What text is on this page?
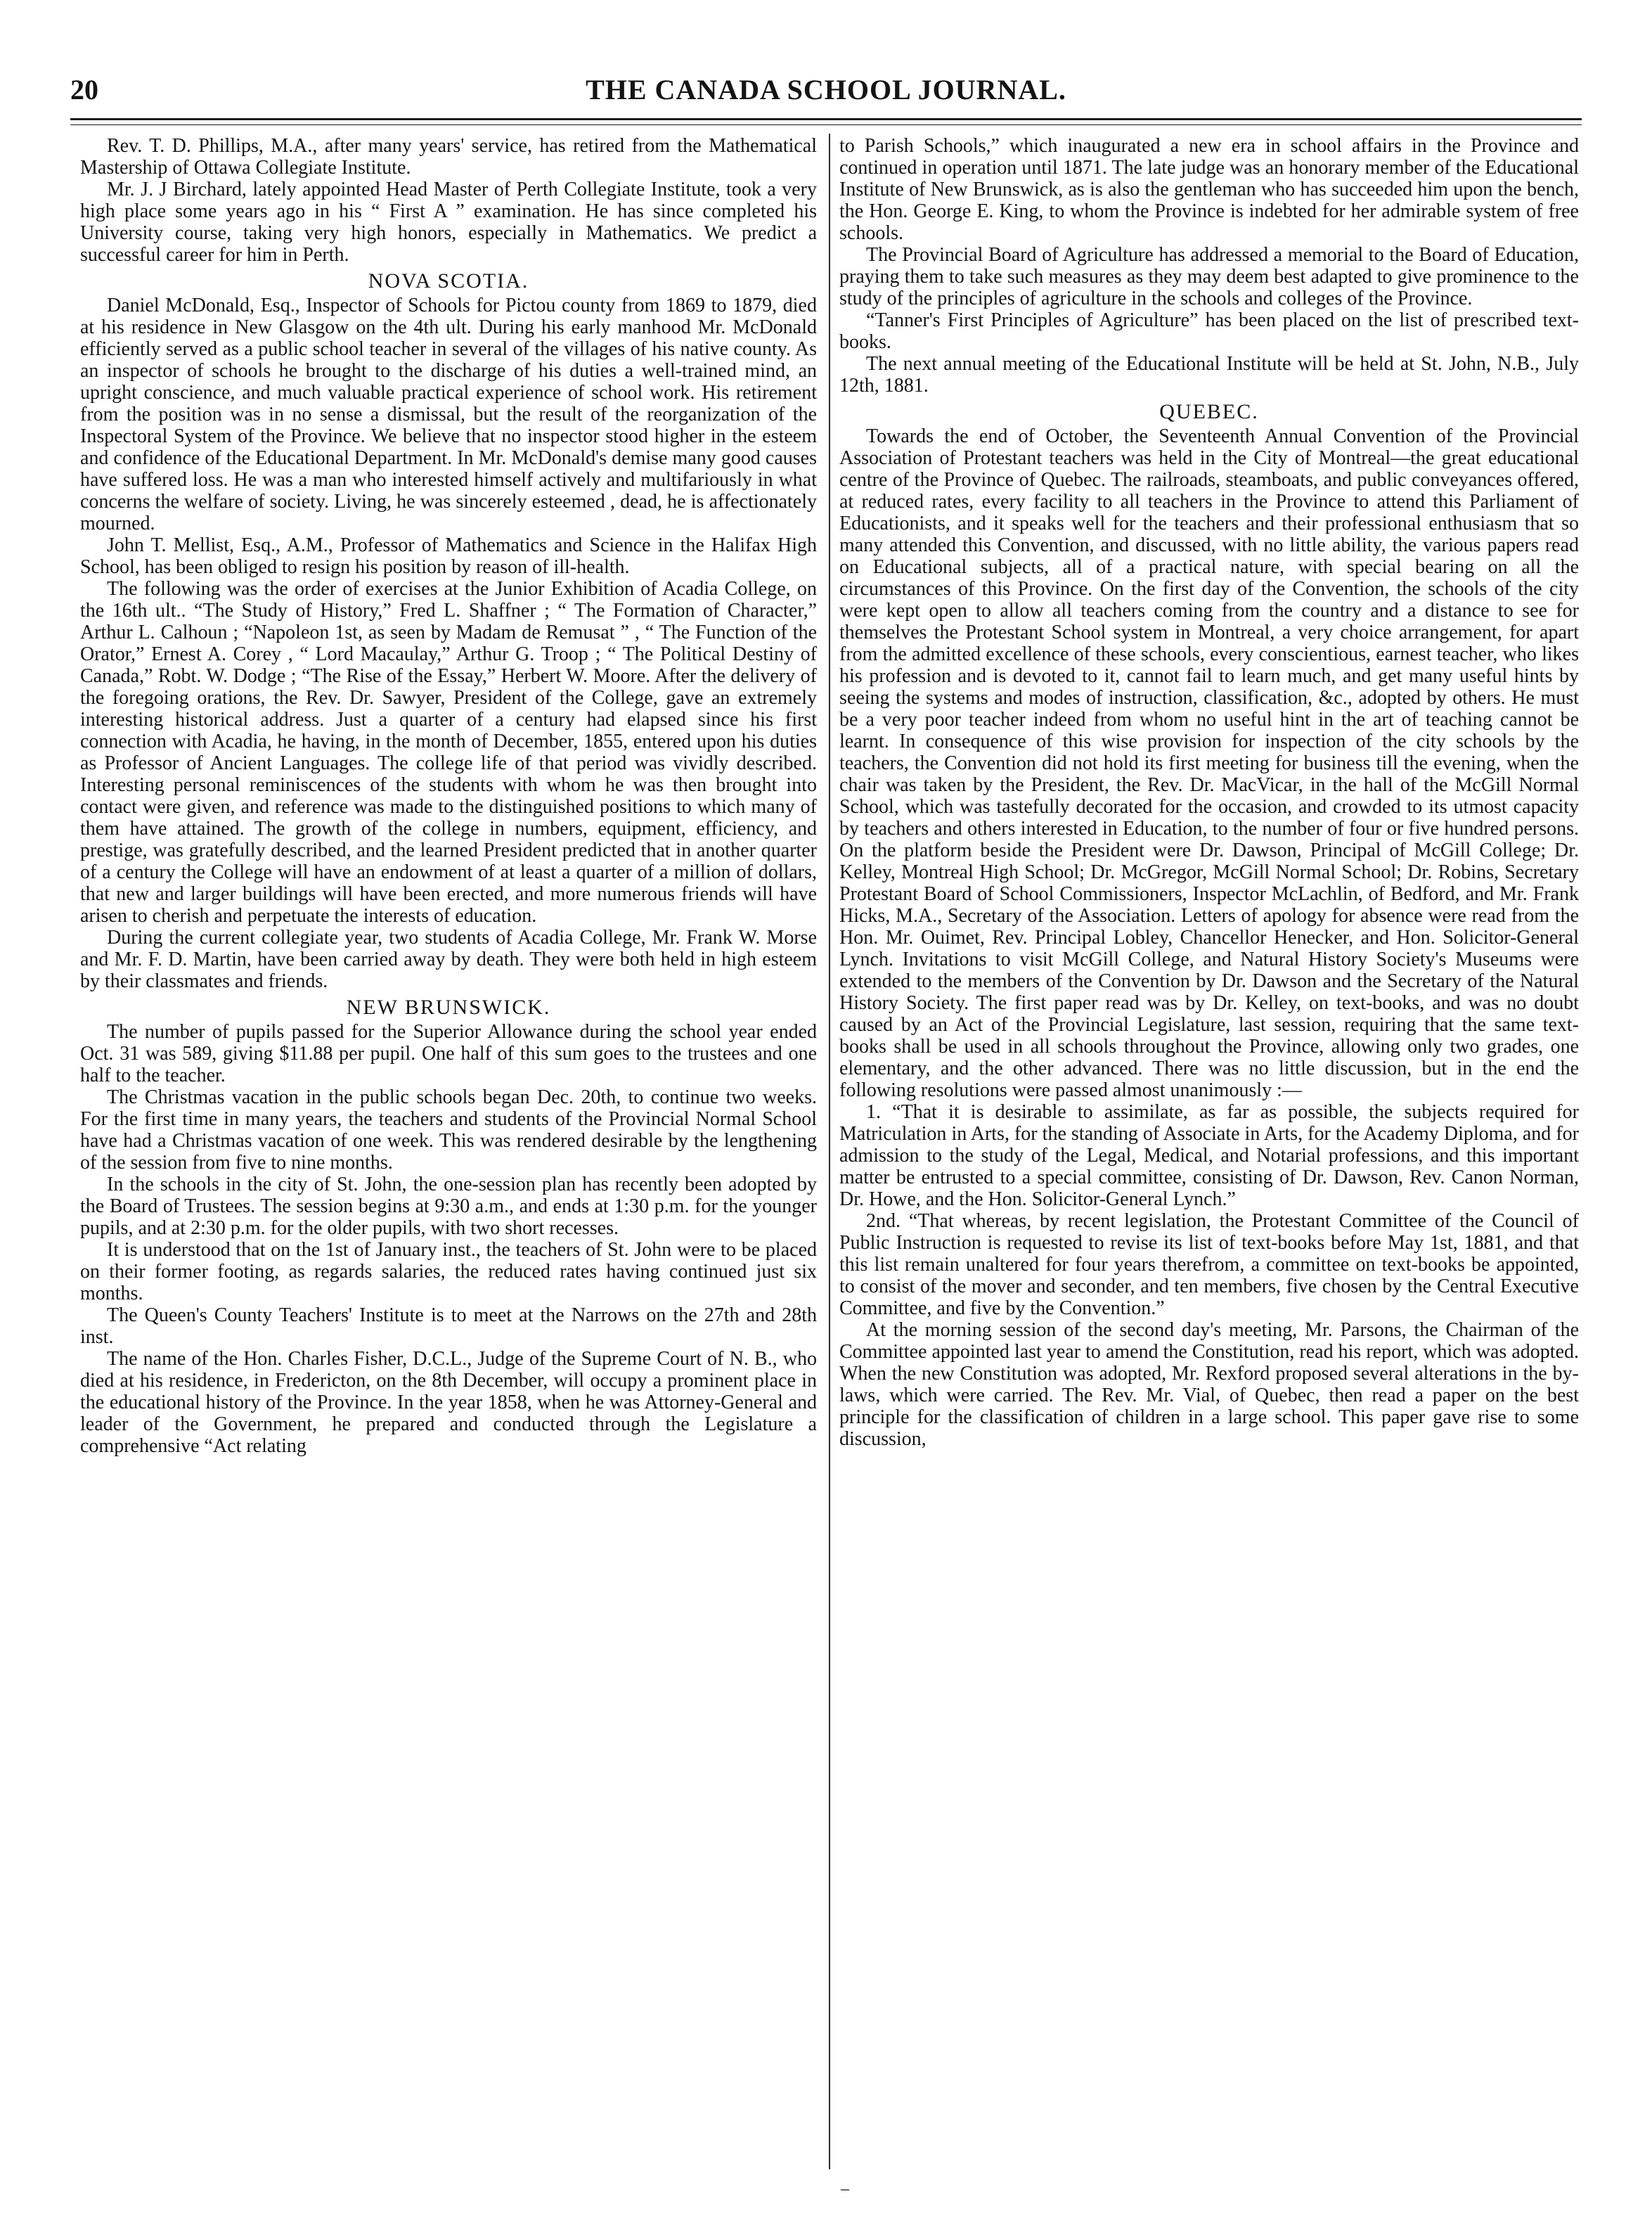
20	THE CANADA SCHOOL JOURNAL.

Rev. T. D. Phillips, M.A., after many years' service, has retired from the Mathematical Mastership of Ottawa Collegiate Institute.

Mr. J. J Birchard, lately appointed Head Master of Perth Collegiate Institute, took a very high place some years ago in his “ First A ” examination. He has since completed his University course, taking very high honors, especially in Mathematics. We predict a successful career for him in Perth.

NOVA SCOTIA.

Daniel McDonald, Esq., Inspector of Schools for Pictou county from 1869 to 1879, died at his residence in New Glasgow on the 4th ult. During his early manhood Mr. McDonald efficiently served as a public school teacher in several of the villages of his native county. As an inspector of schools he brought to the discharge of his duties a well-trained mind, an upright conscience, and much valuable practical experience of school work. His retirement from the position was in no sense a dismissal, but the result of the reorganization of the Inspectoral System of the Province. We believe that no inspector stood higher in the esteem and confidence of the Educational Department. In Mr. McDonald's demise many good causes have suffered loss. He was a man who interested himself actively and multifariously in what concerns the welfare of society. Living, he was sincerely esteemed , dead, he is affectionately mourned.

John T. Mellist, Esq., A.M., Professor of Mathematics and Science in the Halifax High School, has been obliged to resign his position by reason of ill-health.

The following was the order of exercises at the Junior Exhibition of Acadia College, on the 16th ult.. “The Study of History,” Fred L. Shaffner ; “ The Formation of Character,” Arthur L. Calhoun ; “Napoleon 1st, as seen by Madam de Remusat ” , “ The Function of the Orator,” Ernest A. Corey , “ Lord Macaulay,” Arthur G. Troop ; “ The Political Destiny of Canada,” Robt. W. Dodge ; “The Rise of the Essay,” Herbert W. Moore. After the delivery of the foregoing orations, the Rev. Dr. Sawyer, President of the College, gave an extremely interesting historical address. Just a quarter of a century had elapsed since his first connection with Acadia, he having, in the month of December, 1855, entered upon his duties as Professor of Ancient Languages. The college life of that period was vividly described. Interesting personal reminiscences of the students with whom he was then brought into contact were given, and reference was made to the distinguished positions to which many of them have attained. The growth of the college in numbers, equipment, efficiency, and prestige, was gratefully described, and the learned President predicted that in another quarter of a century the College will have an endowment of at least a quarter of a million of dollars, that new and larger buildings will have been erected, and more numerous friends will have arisen to cherish and perpetuate the interests of education.

During the current collegiate year, two students of Acadia College, Mr. Frank W. Morse and Mr. F. D. Martin, have been carried away by death. They were both held in high esteem by their classmates and friends.

NEW BRUNSWICK.

The number of pupils passed for the Superior Allowance during the school year ended Oct. 31 was 589, giving $11.88 per pupil. One half of this sum goes to the trustees and one half to the teacher.

The Christmas vacation in the public schools began Dec. 20th, to continue two weeks. For the first time in many years, the teachers and students of the Provincial Normal School have had a Christmas vacation of one week. This was rendered desirable by the lengthening of the session from five to nine months.

In the schools in the city of St. John, the one-session plan has recently been adopted by the Board of Trustees. The session begins at 9:30 a.m., and ends at 1:30 p.m. for the younger pupils, and at 2:30 p.m. for the older pupils, with two short recesses.

It is understood that on the 1st of January inst., the teachers of St. John were to be placed on their former footing, as regards salaries, the reduced rates having continued just six months.

The Queen's County Teachers' Institute is to meet at the Narrows on the 27th and 28th inst.

The name of the Hon. Charles Fisher, D.C.L., Judge of the Supreme Court of N. B., who died at his residence, in Fredericton, on the 8th December, will occupy a prominent place in the educational history of the Province. In the year 1858, when he was Attorney-General and leader of the Government, he prepared and conducted through the Legislature a comprehensive “Act relating

to Parish Schools,” which inaugurated a new era in school affairs in the Province and continued in operation until 1871. The late judge was an honorary member of the Educational Institute of New Brunswick, as is also the gentleman who has succeeded him upon the bench, the Hon. George E. King, to whom the Province is indebted for her admirable system of free schools.

The Provincial Board of Agriculture has addressed a memorial to the Board of Education, praying them to take such measures as they may deem best adapted to give prominence to the study of the principles of agriculture in the schools and colleges of the Province.

“Tanner's First Principles of Agriculture” has been placed on the list of prescribed text-books.

The next annual meeting of the Educational Institute will be held at St. John, N.B., July 12th, 1881.

QUEBEC.

Towards the end of October, the Seventeenth Annual Convention of the Provincial Association of Protestant teachers was held in the City of Montreal—the great educational centre of the Province of Quebec. The railroads, steamboats, and public conveyances offered, at reduced rates, every facility to all teachers in the Province to attend this Parliament of Educationists, and it speaks well for the teachers and their professional enthusiasm that so many attended this Convention, and discussed, with no little ability, the various papers read on Educational subjects, all of a practical nature, with special bearing on all the circumstances of this Province. On the first day of the Convention, the schools of the city were kept open to allow all teachers coming from the country and a distance to see for themselves the Protestant School system in Montreal, a very choice arrangement, for apart from the admitted excellence of these schools, every conscientious, earnest teacher, who likes his profession and is devoted to it, cannot fail to learn much, and get many useful hints by seeing the systems and modes of instruction, classification, &c., adopted by others. He must be a very poor teacher indeed from whom no useful hint in the art of teaching cannot be learnt. In consequence of this wise provision for inspection of the city schools by the teachers, the Convention did not hold its first meeting for business till the evening, when the chair was taken by the President, the Rev. Dr. MacVicar, in the hall of the McGill Normal School, which was tastefully decorated for the occasion, and crowded to its utmost capacity by teachers and others interested in Education, to the number of four or five hundred persons. On the platform beside the President were Dr. Dawson, Principal of McGill College; Dr. Kelley, Montreal High School; Dr. McGregor, McGill Normal School; Dr. Robins, Secretary Protestant Board of School Commissioners, Inspector McLachlin, of Bedford, and Mr. Frank Hicks, M.A., Secretary of the Association. Letters of apology for absence were read from the Hon. Mr. Ouimet, Rev. Principal Lobley, Chancellor Henecker, and Hon. Solicitor-General Lynch. Invitations to visit McGill College, and Natural History Society's Museums were extended to the members of the Convention by Dr. Dawson and the Secretary of the Natural History Society. The first paper read was by Dr. Kelley, on text-books, and was no doubt caused by an Act of the Provincial Legislature, last session, requiring that the same text-books shall be used in all schools throughout the Province, allowing only two grades, one elementary, and the other advanced. There was no little discussion, but in the end the following resolutions were passed almost unanimously :—

1. “That it is desirable to assimilate, as far as possible, the subjects required for Matriculation in Arts, for the standing of Associate in Arts, for the Academy Diploma, and for admission to the study of the Legal, Medical, and Notarial professions, and this important matter be entrusted to a special committee, consisting of Dr. Dawson, Rev. Canon Norman, Dr. Howe, and the Hon. Solicitor-General Lynch.”

2nd. “That whereas, by recent legislation, the Protestant Committee of the Council of Public Instruction is requested to revise its list of text-books before May 1st, 1881, and that this list remain unaltered for four years therefrom, a committee on text-books be appointed, to consist of the mover and seconder, and ten members, five chosen by the Central Executive Committee, and five by the Convention.”

At the morning session of the second day's meeting, Mr. Parsons, the Chairman of the Committee appointed last year to amend the Constitution, read his report, which was adopted. When the new Constitution was adopted, Mr. Rexford proposed several alterations in the by-laws, which were carried. The Rev. Mr. Vial, of Quebec, then read a paper on the best principle for the classification of children in a large school. This paper gave rise to some discussion,

–
